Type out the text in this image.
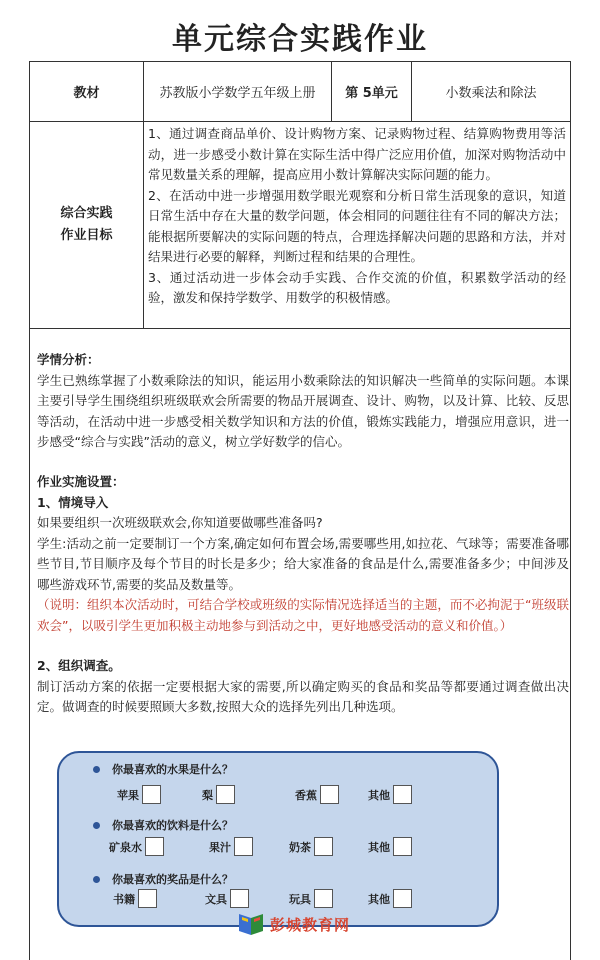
单元综合实践作业
教材	苏教版小学数学五年级上册	第 5单元	小数乘法和除法
综合实践
作业目标

1、通过调查商品单价、设计购物方案、记录购物过程、结算购物费用等活动，进一步感受小数计算在实际生活中得广泛应用价值，加深对购物活动中常见数量关系的理解，提高应用小数计算解决实际问题的能力。

2、在活动中进一步增强用数学眼光观察和分析日常生活现象的意识，知道日常生活中存在大量的数学问题，体会相同的问题往往有不同的解决方法；能根据所要解决的实际问题的特点，合理选择解决问题的思路和方法，并对结果进行必要的解释，判断过程和结果的合理性。

3、通过活动进一步体会动手实践、合作交流的价值，积累数学活动的经验，激发和保持学数学、用数学的积极情感。

学情分析：

学生已熟练掌握了小数乘除法的知识，能运用小数乘除法的知识解决一些简单的实际问题。本课主要引导学生围绕组织班级联欢会所需要的物品开展调查、设计、购物，以及计算、比较、反思等活动，在活动中进一步感受相关数学知识和方法的价值，锻炼实践能力，增强应用意识，进一步感受“综合与实践”活动的意义，树立学好数学的信心。

作业实施设置：

1、情境导入

如果要组织一次班级联欢会,你知道要做哪些准备吗?

学生:活动之前一定要制订一个方案,确定如何布置会场,需要哪些用,如拉花、气球等；需要准备哪些节目,节目顺序及每个节目的时长是多少；给大家准备的食品是什么,需要准备多少；中间涉及哪些游戏环节,需要的奖品及数量等。

（说明：组织本次活动时，可结合学校或班级的实际情况选择适当的主题，而不必拘泥于“班级联欢会”，以吸引学生更加积极主动地参与到活动之中，更好地感受活动的意义和价值。）

2、组织调查。

制订活动方案的依据一定要根据大家的需要,所以确定购买的食品和奖品等都要通过调查做出决定。做调查的时候要照顾大多数,按照大众的选择先列出几种选项。

你最喜欢的水果是什么？
苹果	梨	香蕉	其他
你最喜欢的饮料是什么？
矿泉水	果汁	奶茶	其他
你最喜欢的奖品是什么？
书籍	文具	玩具	其他
彭城教育网
